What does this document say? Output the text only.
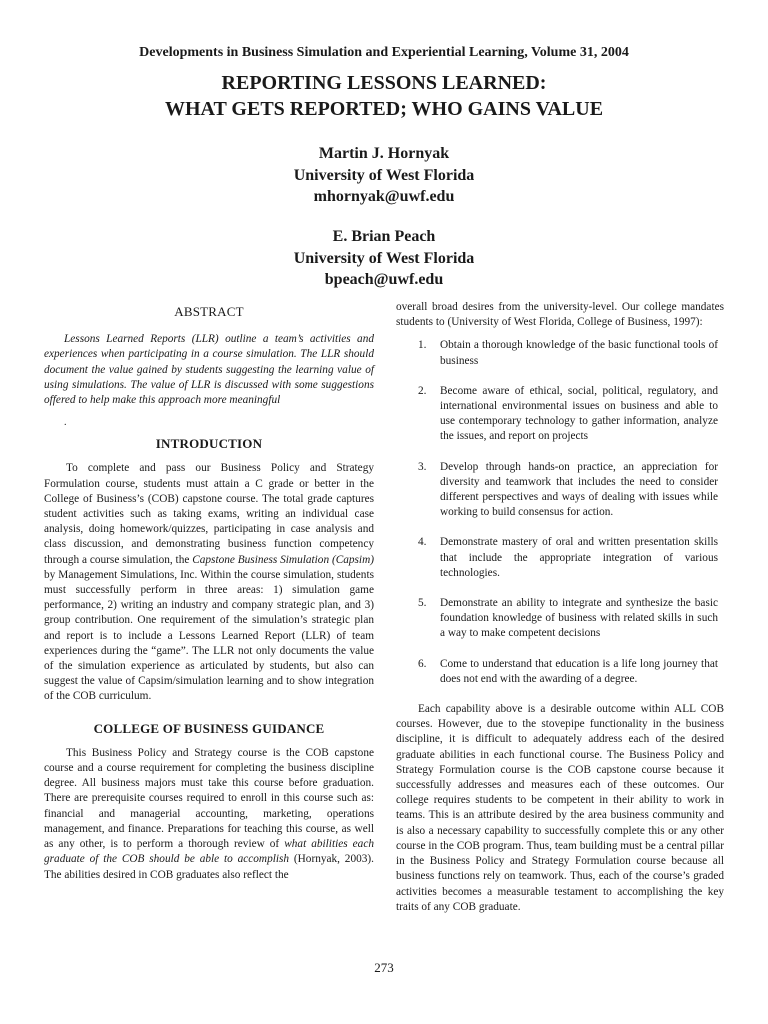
Developments in Business Simulation and Experiential Learning, Volume 31, 2004
REPORTING LESSONS LEARNED:
WHAT GETS REPORTED; WHO GAINS VALUE
Martin J. Hornyak
University of West Florida
mhornyak@uwf.edu
E. Brian Peach
University of West Florida
bpeach@uwf.edu
ABSTRACT

Lessons Learned Reports (LLR) outline a team’s activities and experiences when participating in a course simulation. The LLR should document the value gained by students suggesting the learning value of using simulations. The value of LLR is discussed with some suggestions offered to help make this approach more meaningful

.
INTRODUCTION

To complete and pass our Business Policy and Strategy Formulation course, students must attain a C grade or better in the College of Business’s (COB) capstone course. The total grade captures student activities such as taking exams, writing an individual case analysis, doing homework/quizzes, participating in case analysis and class discussion, and demonstrating business function competency through a course simulation, the Capstone Business Simulation (Capsim) by Management Simulations, Inc. Within the course simulation, students must successfully perform in three areas: 1) simulation game performance, 2) writing an industry and company strategic plan, and 3) group contribution. One requirement of the simulation’s strategic plan and report is to include a Lessons Learned Report (LLR) of team experiences during the “game”. The LLR not only documents the value of the simulation experience as articulated by students, but also can suggest the value of Capsim/simulation learning and to show integration of the COB curriculum.

COLLEGE OF BUSINESS GUIDANCE

This Business Policy and Strategy course is the COB capstone course and a course requirement for completing the business discipline degree. All business majors must take this course before graduation. There are prerequisite courses required to enroll in this course such as: financial and managerial accounting, marketing, operations management, and finance. Preparations for teaching this course, as well as any other, is to perform a thorough review of what abilities each graduate of the COB should be able to accomplish (Hornyak, 2003). The abilities desired in COB graduates also reflect the

overall broad desires from the university-level. Our college mandates students to (University of West Florida, College of Business, 1997):

1. Obtain a thorough knowledge of the basic functional tools of business
2. Become aware of ethical, social, political, regulatory, and international environmental issues on business and able to use contemporary technology to gather information, analyze the issues, and report on projects
3. Develop through hands-on practice, an appreciation for diversity and teamwork that includes the need to consider different perspectives and ways of dealing with issues while working to build consensus for action.
4. Demonstrate mastery of oral and written presentation skills that include the appropriate integration of various technologies.
5. Demonstrate an ability to integrate and synthesize the basic foundation knowledge of business with related skills in such a way to make competent decisions
6. Come to understand that education is a life long journey that does not end with the awarding of a degree.

Each capability above is a desirable outcome within ALL COB courses. However, due to the stovepipe functionality in the business discipline, it is difficult to adequately address each of the desired graduate abilities in each functional course. The Business Policy and Strategy Formulation course is the COB capstone course because it successfully addresses and measures each of these outcomes. Our college requires students to be competent in their ability to work in teams. This is an attribute desired by the area business community and is also a necessary capability to successfully complete this or any other course in the COB program. Thus, team building must be a central pillar in the Business Policy and Strategy Formulation course because all business functions rely on teamwork. Thus, each of the course’s graded activities becomes a measurable testament to accomplishing the key traits of any COB graduate.

273
